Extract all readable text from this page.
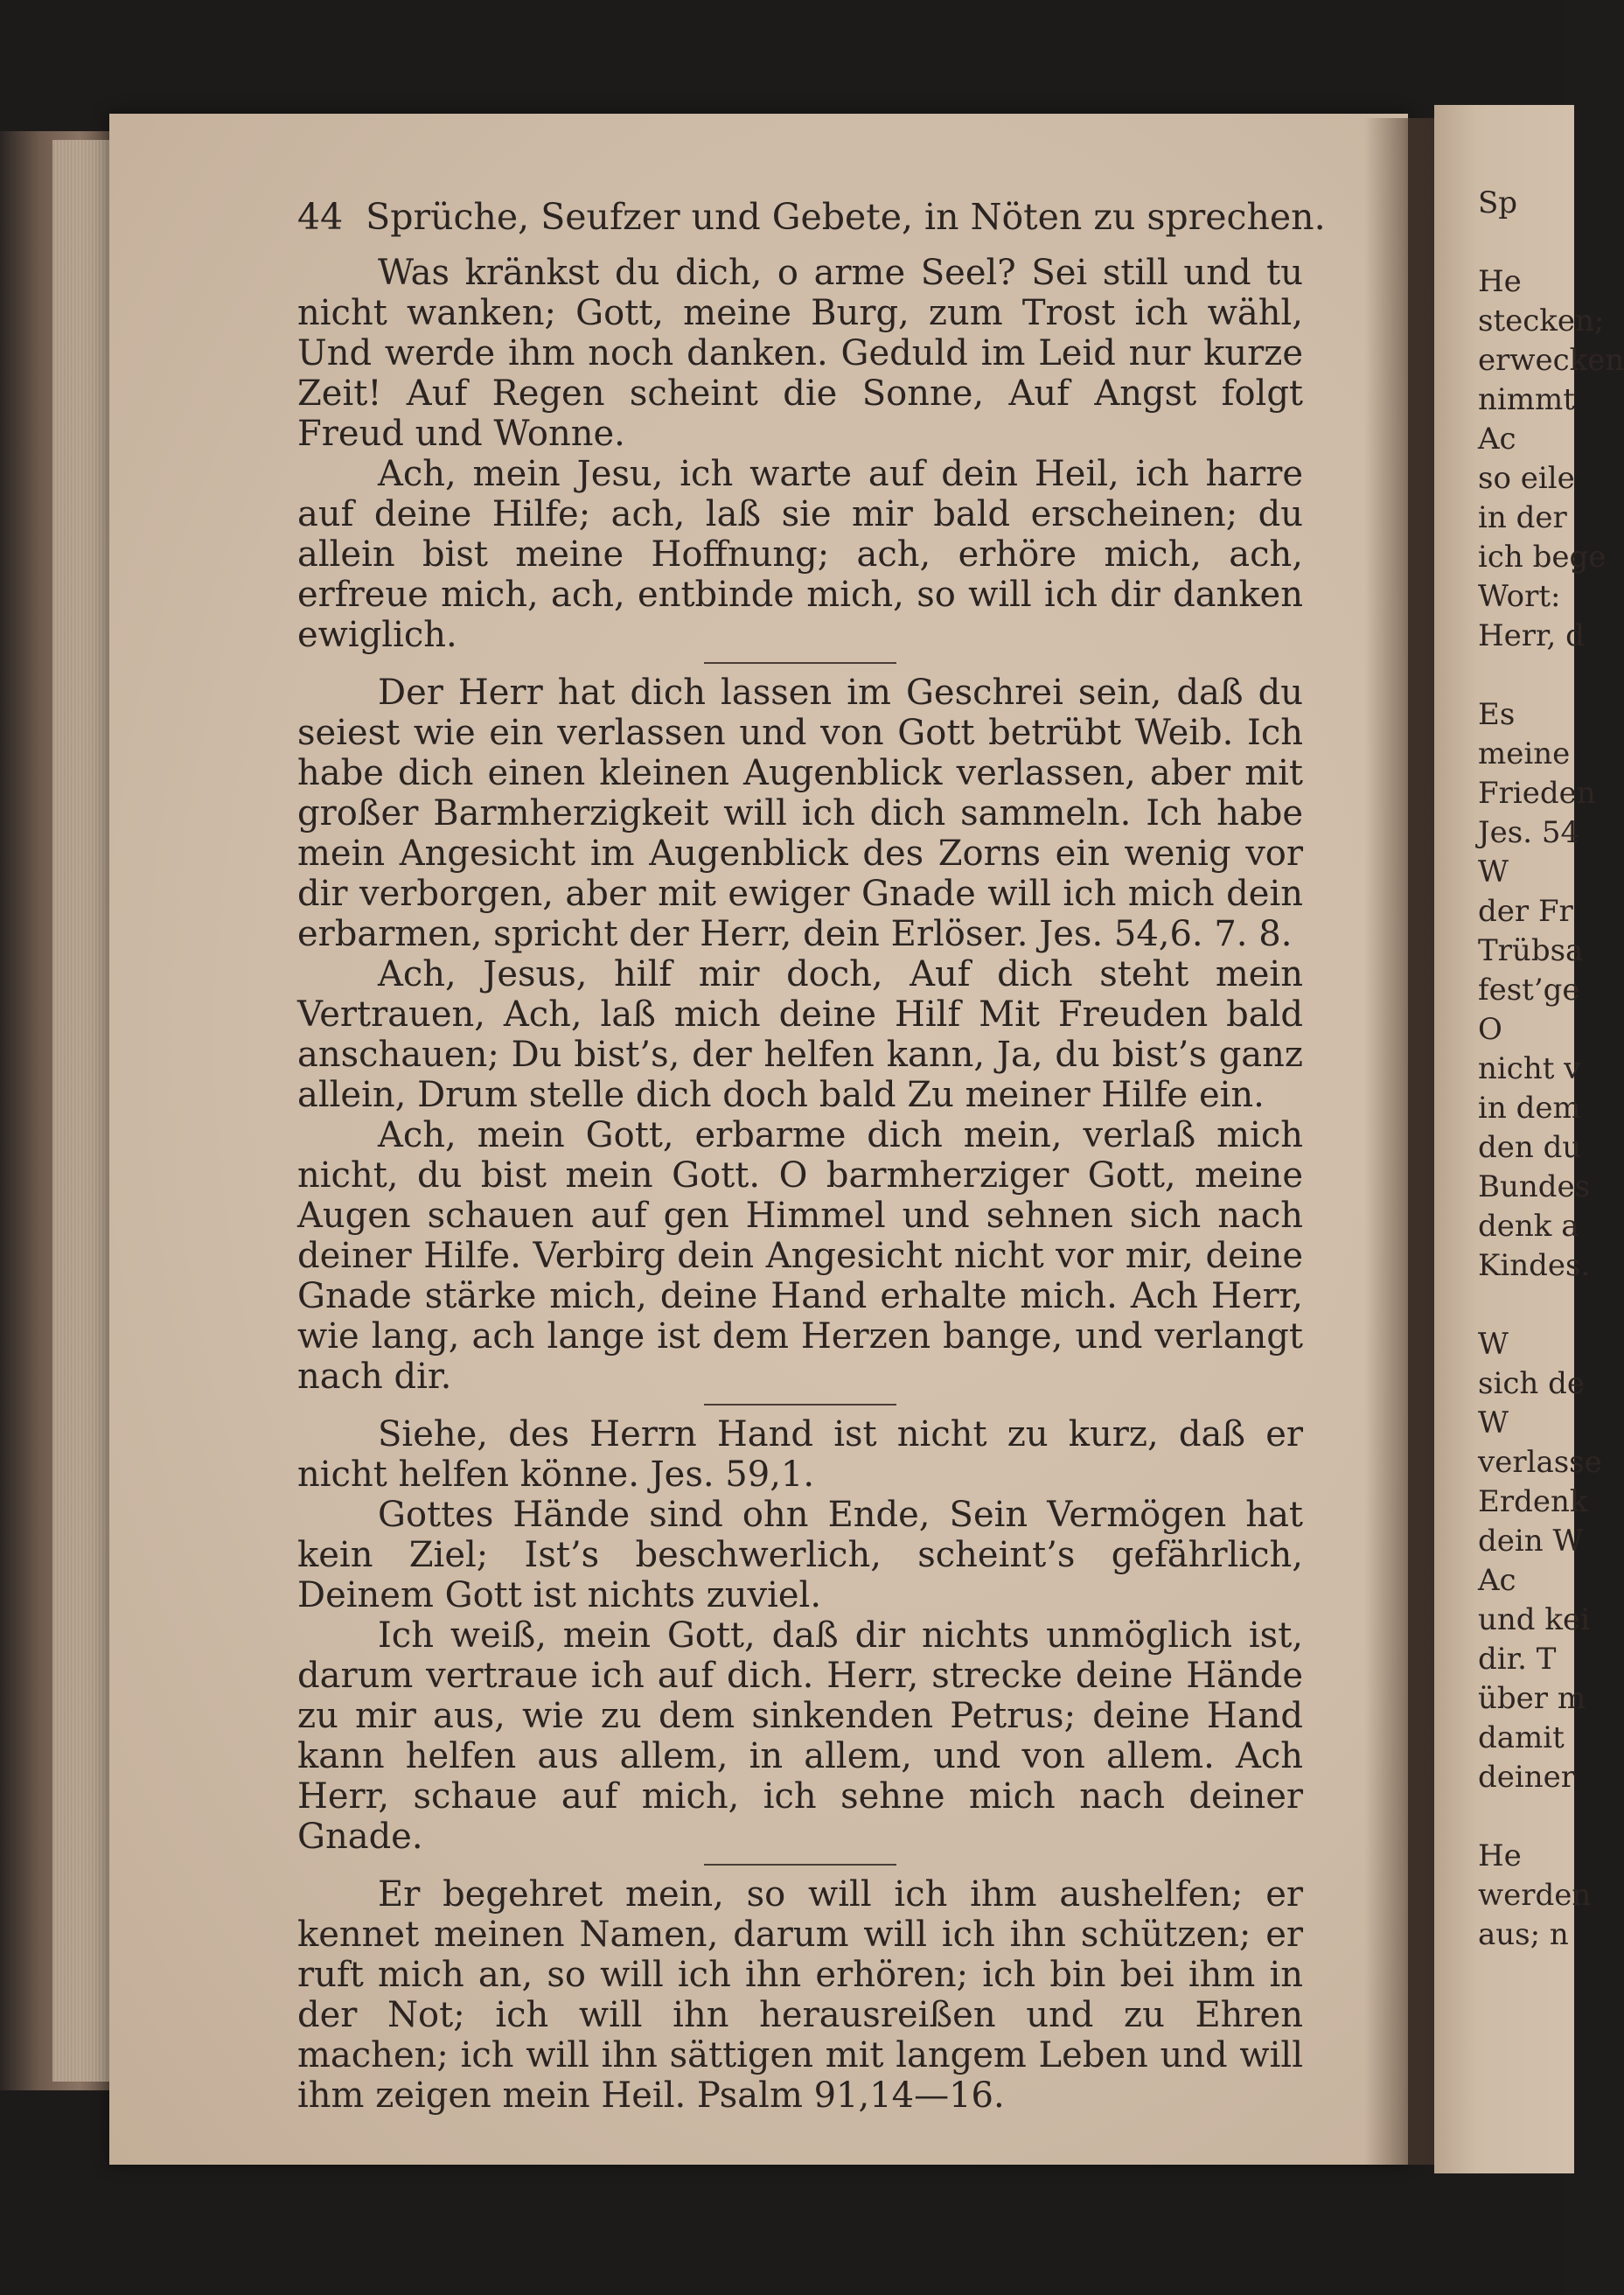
44 Sprüche, Seufzer und Gebete, in Nöten zu sprechen.

Was kränkst du dich, o arme Seel? Sei still und tu nicht wanken; Gott, meine Burg, zum Trost ich wähl, Und werde ihm noch danken. Geduld im Leid nur kurze Zeit! Auf Regen scheint die Sonne, Auf Angst folgt Freud und Wonne.

Ach, mein Jesu, ich warte auf dein Heil, ich harre auf deine Hilfe; ach, laß sie mir bald erscheinen; du allein bist meine Hoffnung; ach, erhöre mich, ach, erfreue mich, ach, entbinde mich, so will ich dir danken ewiglich.

Der Herr hat dich lassen im Geschrei sein, daß du seiest wie ein verlassen und von Gott betrübt Weib. Ich habe dich einen kleinen Augenblick verlassen, aber mit großer Barmherzigkeit will ich dich sammeln. Ich habe mein Angesicht im Augenblick des Zorns ein wenig vor dir verborgen, aber mit ewiger Gnade will ich mich dein erbarmen, spricht der Herr, dein Erlöser. Jes. 54,6. 7. 8.

Ach, Jesus, hilf mir doch, Auf dich steht mein Vertrauen, Ach, laß mich deine Hilf Mit Freuden bald anschauen; Du bist’s, der helfen kann, Ja, du bist’s ganz allein, Drum stelle dich doch bald Zu meiner Hilfe ein.

Ach, mein Gott, erbarme dich mein, verlaß mich nicht, du bist mein Gott. O barmherziger Gott, meine Augen schauen auf gen Himmel und sehnen sich nach deiner Hilfe. Verbirg dein Angesicht nicht vor mir, deine Gnade stärke mich, deine Hand erhalte mich. Ach Herr, wie lang, ach lange ist dem Herzen bange, und verlangt nach dir.

Siehe, des Herrn Hand ist nicht zu kurz, daß er nicht helfen könne. Jes. 59,1.

Gottes Hände sind ohn Ende, Sein Vermögen hat kein Ziel; Ist’s beschwerlich, scheint’s gefährlich, Deinem Gott ist nichts zuviel.

Ich weiß, mein Gott, daß dir nichts unmöglich ist, darum vertraue ich auf dich. Herr, strecke deine Hände zu mir aus, wie zu dem sinkenden Petrus; deine Hand kann helfen aus allem, in allem, und von allem. Ach Herr, schaue auf mich, ich sehne mich nach deiner Gnade.

Er begehret mein, so will ich ihm aushelfen; er kennet meinen Namen, darum will ich ihn schützen; er ruft mich an, so will ich ihn erhören; ich bin bei ihm in der Not; ich will ihn herausreißen und zu Ehren machen; ich will ihn sättigen mit langem Leben und will ihm zeigen mein Heil. Psalm 91,14—16.

Sp
He
stecken;
erwecken
nimmt
Ac
so eile
in der
ich bege
Wort:
Herr, d
Es
meine
Frieden
Jes. 54
W
der Fr
Trübsa
fest’ge
O
nicht v
in dem
den du
Bundes
denk a
Kindes.
W
sich de
W
verlasse
Erdenk
dein W
Ac
und kei
dir. T
über m
damit
deiner
He
werden
aus; n
